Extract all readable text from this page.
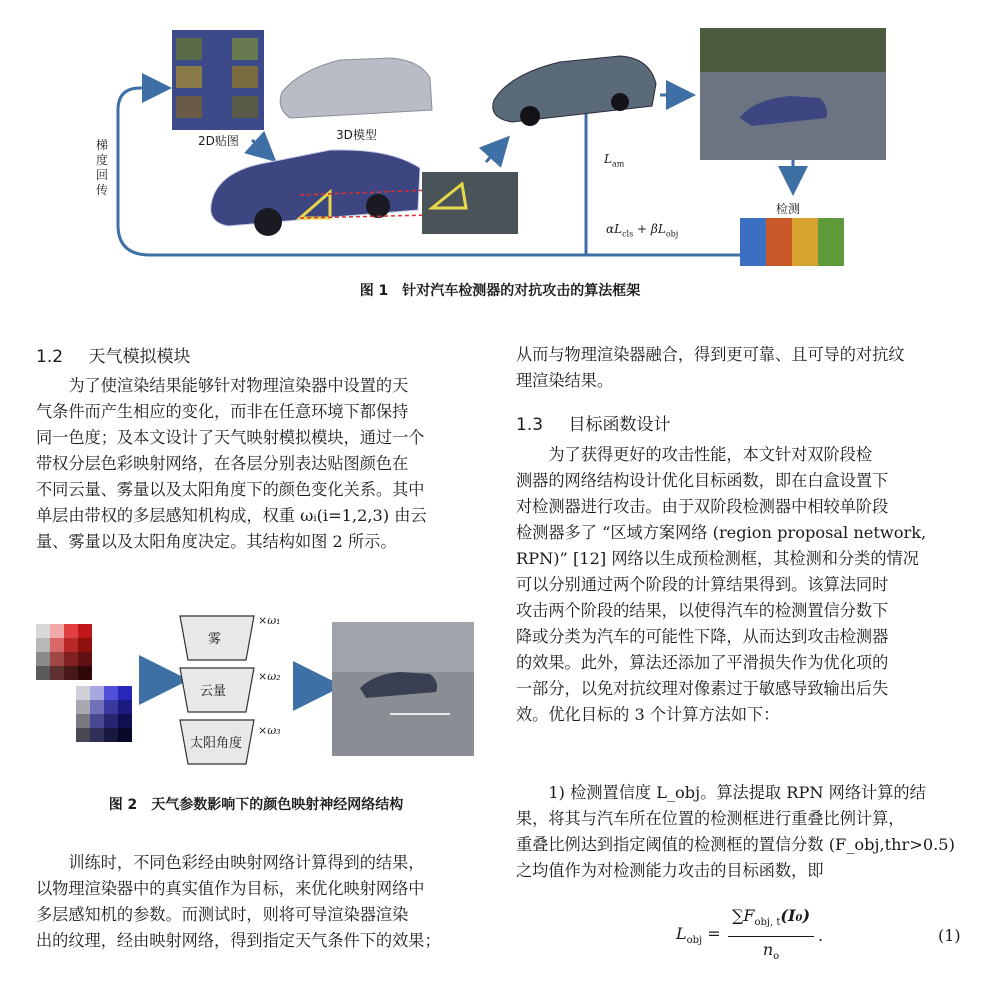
2D贴图	3D模型
梯
度
回
传
检测
$L_{am}$
$\alpha L_{cls} + \beta L_{obj}$
图 1　针对汽车检测器的对抗攻击的算法框架
1.2 天气模拟模块
　　为了使渲染结果能够针对物理渲染器中设置的天
气条件而产生相应的变化，而非在任意环境下都保持
同一色度；及本文设计了天气映射模拟模块，通过一个
带权分层色彩映射网络，在各层分别表达贴图颜色在
不同云量、雾量以及太阳角度下的颜色变化关系。其中
单层由带权的多层感知机构成，权重 ωᵢ(i=1,2,3) 由云
量、雾量以及太阳角度决定。其结构如图 2 所示。
雾
云量
太阳角度
×ω₁
×ω₂
×ω₃
图 2　天气参数影响下的颜色映射神经网络结构
　　训练时，不同色彩经由映射网络计算得到的结果，
以物理渲染器中的真实值作为目标，来优化映射网络中
多层感知机的参数。而测试时，则将可导渲染器渲染
出的纹理，经由映射网络，得到指定天气条件下的效果；
从而与物理渲染器融合，得到更可靠、且可导的对抗纹
理渲染结果。
1.3 目标函数设计
　　为了获得更好的攻击性能，本文针对双阶段检
测器的网络结构设计优化目标函数，即在白盒设置下
对检测器进行攻击。由于双阶段检测器中相较单阶段
检测器多了 “区域方案网络 (region proposal network,
RPN)” [12] 网络以生成预检测框，其检测和分类的情况
可以分别通过两个阶段的计算结果得到。该算法同时
攻击两个阶段的结果，以使得汽车的检测置信分数下
降或分类为汽车的可能性下降，从而达到攻击检测器
的效果。此外，算法还添加了平滑损失作为优化项的
一部分，以免对抗纹理对像素过于敏感导致输出后失
效。优化目标的 3 个计算方法如下：
　　1) 检测置信度 L_obj。算法提取 RPN 网络计算的结
果，将其与汽车所在位置的检测框进行重叠比例计算，
重叠比例达到指定阈值的检测框的置信分数 (F_obj,thr>0.5)
之均值作为对检测能力攻击的目标函数，即
$L_{obj}$ =
$\sum F_{obj, t}(I_0)$
$n_o$
.	(1)
